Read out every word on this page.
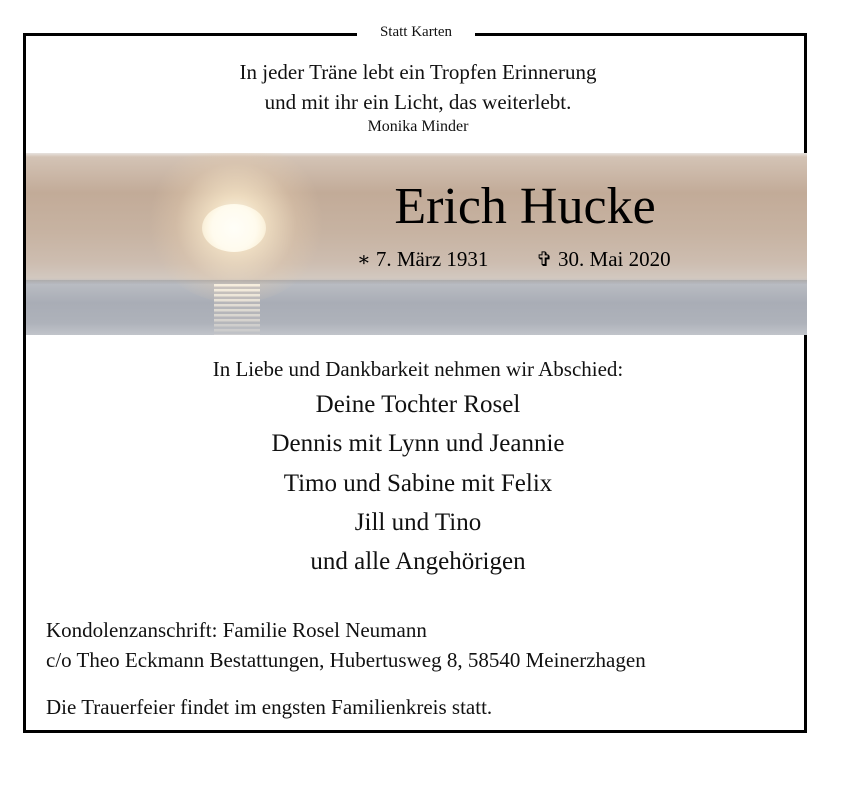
Statt Karten
In jeder Träne lebt ein Tropfen Erinnerung
und mit ihr ein Licht, das weiterlebt.
Monika Minder
Erich Hucke
∗ 7. März 1931 ✞ 30. Mai 2020
In Liebe und Dankbarkeit nehmen wir Abschied:
Deine Tochter Rosel
Dennis mit Lynn und Jeannie
Timo und Sabine mit Felix
Jill und Tino
und alle Angehörigen
Kondolenzanschrift: Familie Rosel Neumann
c/o Theo Eckmann Bestattungen, Hubertusweg 8, 58540 Meinerzhagen
Die Trauerfeier findet im engsten Familienkreis statt.
